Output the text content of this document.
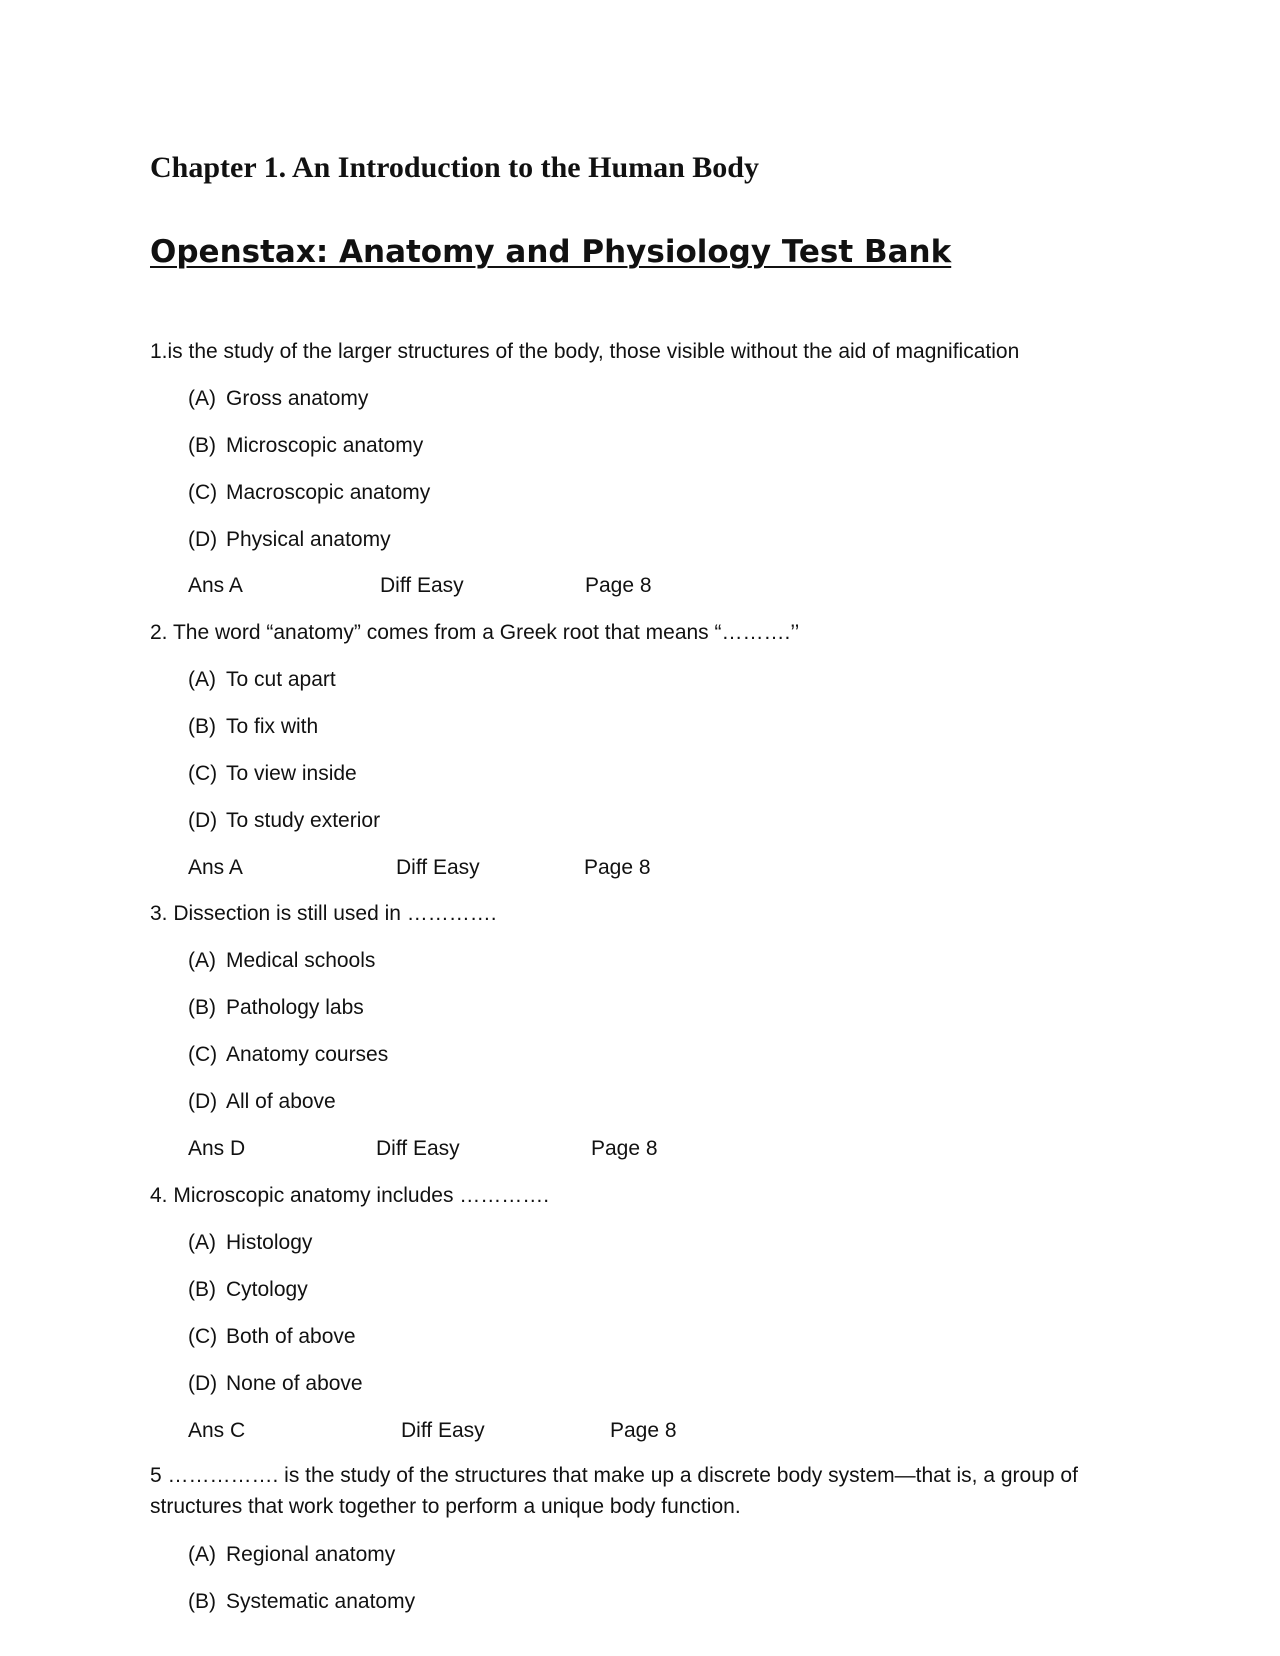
Chapter 1. An Introduction to the Human Body
Openstax: Anatomy and Physiology Test Bank

1.is the study of the larger structures of the body, those visible without the aid of magnification

(A) Gross anatomy

(B) Microscopic anatomy

(C) Macroscopic anatomy

(D) Physical anatomy

Ans A	Diff Easy	Page 8

2. The word “anatomy” comes from a Greek root that means “……….’’

(A) To cut apart

(B) To fix with

(C) To view inside

(D) To study exterior

Ans A	Diff Easy	Page 8

3. Dissection is still used in ………….

(A) Medical schools

(B) Pathology labs

(C) Anatomy courses

(D) All of above

Ans D	Diff Easy	Page 8

4. Microscopic anatomy includes ………….

(A) Histology

(B) Cytology

(C) Both of above

(D) None of above

Ans C	Diff Easy	Page 8

5 ……………. is the study of the structures that make up a discrete body system—that is, a group of structures that work together to perform a unique body function.

(A) Regional anatomy

(B) Systematic anatomy
